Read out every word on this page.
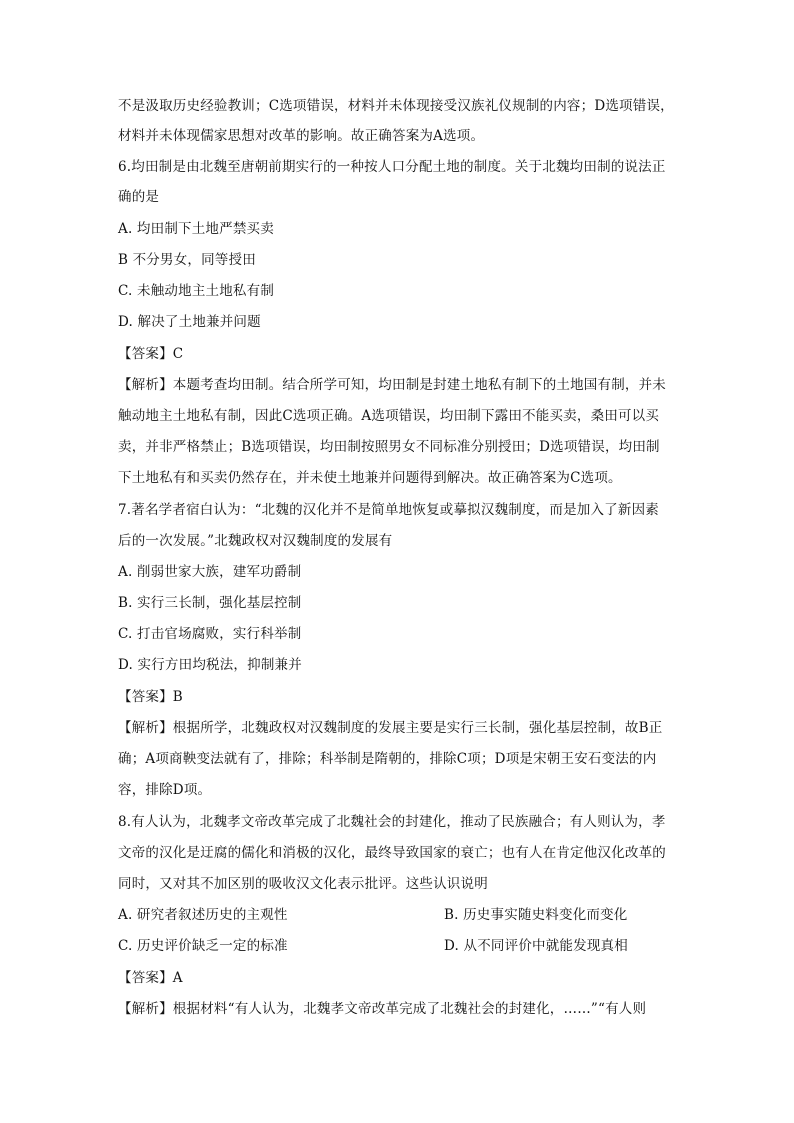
不是汲取历史经验教训；C选项错误，材料并未体现接受汉族礼仪规制的内容；D选项错误，
材料并未体现儒家思想对改革的影响。故正确答案为A选项。
6.均田制是由北魏至唐朝前期实行的一种按人口分配土地的制度。关于北魏均田制的说法正
确的是
A. 均田制下土地严禁买卖
B 不分男女，同等授田
C. 未触动地主土地私有制
D. 解决了土地兼并问题
【答案】C
【解析】本题考查均田制。结合所学可知，均田制是封建土地私有制下的土地国有制，并未
触动地主土地私有制，因此C选项正确。A选项错误，均田制下露田不能买卖，桑田可以买
卖，并非严格禁止；B选项错误，均田制按照男女不同标准分别授田；D选项错误，均田制
下土地私有和买卖仍然存在，并未使土地兼并问题得到解决。故正确答案为C选项。
7.著名学者宿白认为：“北魏的汉化并不是简单地恢复或摹拟汉魏制度，而是加入了新因素
后的一次发展。”北魏政权对汉魏制度的发展有
A. 削弱世家大族，建军功爵制
B. 实行三长制，强化基层控制
C. 打击官场腐败，实行科举制
D. 实行方田均税法，抑制兼并
【答案】B
【解析】根据所学，北魏政权对汉魏制度的发展主要是实行三长制，强化基层控制，故B正
确；A项商鞅变法就有了，排除；科举制是隋朝的，排除C项；D项是宋朝王安石变法的内
容，排除D项。
8.有人认为，北魏孝文帝改革完成了北魏社会的封建化，推动了民族融合；有人则认为，孝
文帝的汉化是迂腐的儒化和消极的汉化，最终导致国家的衰亡；也有人在肯定他汉化改革的
同时，又对其不加区别的吸收汉文化表示批评。这些认识说明
A. 研究者叙述历史的主观性	B. 历史事实随史料变化而变化
C. 历史评价缺乏一定的标准	D. 从不同评价中就能发现真相
【答案】A
【解析】根据材料“有人认为，北魏孝文帝改革完成了北魏社会的封建化，……”“有人则
